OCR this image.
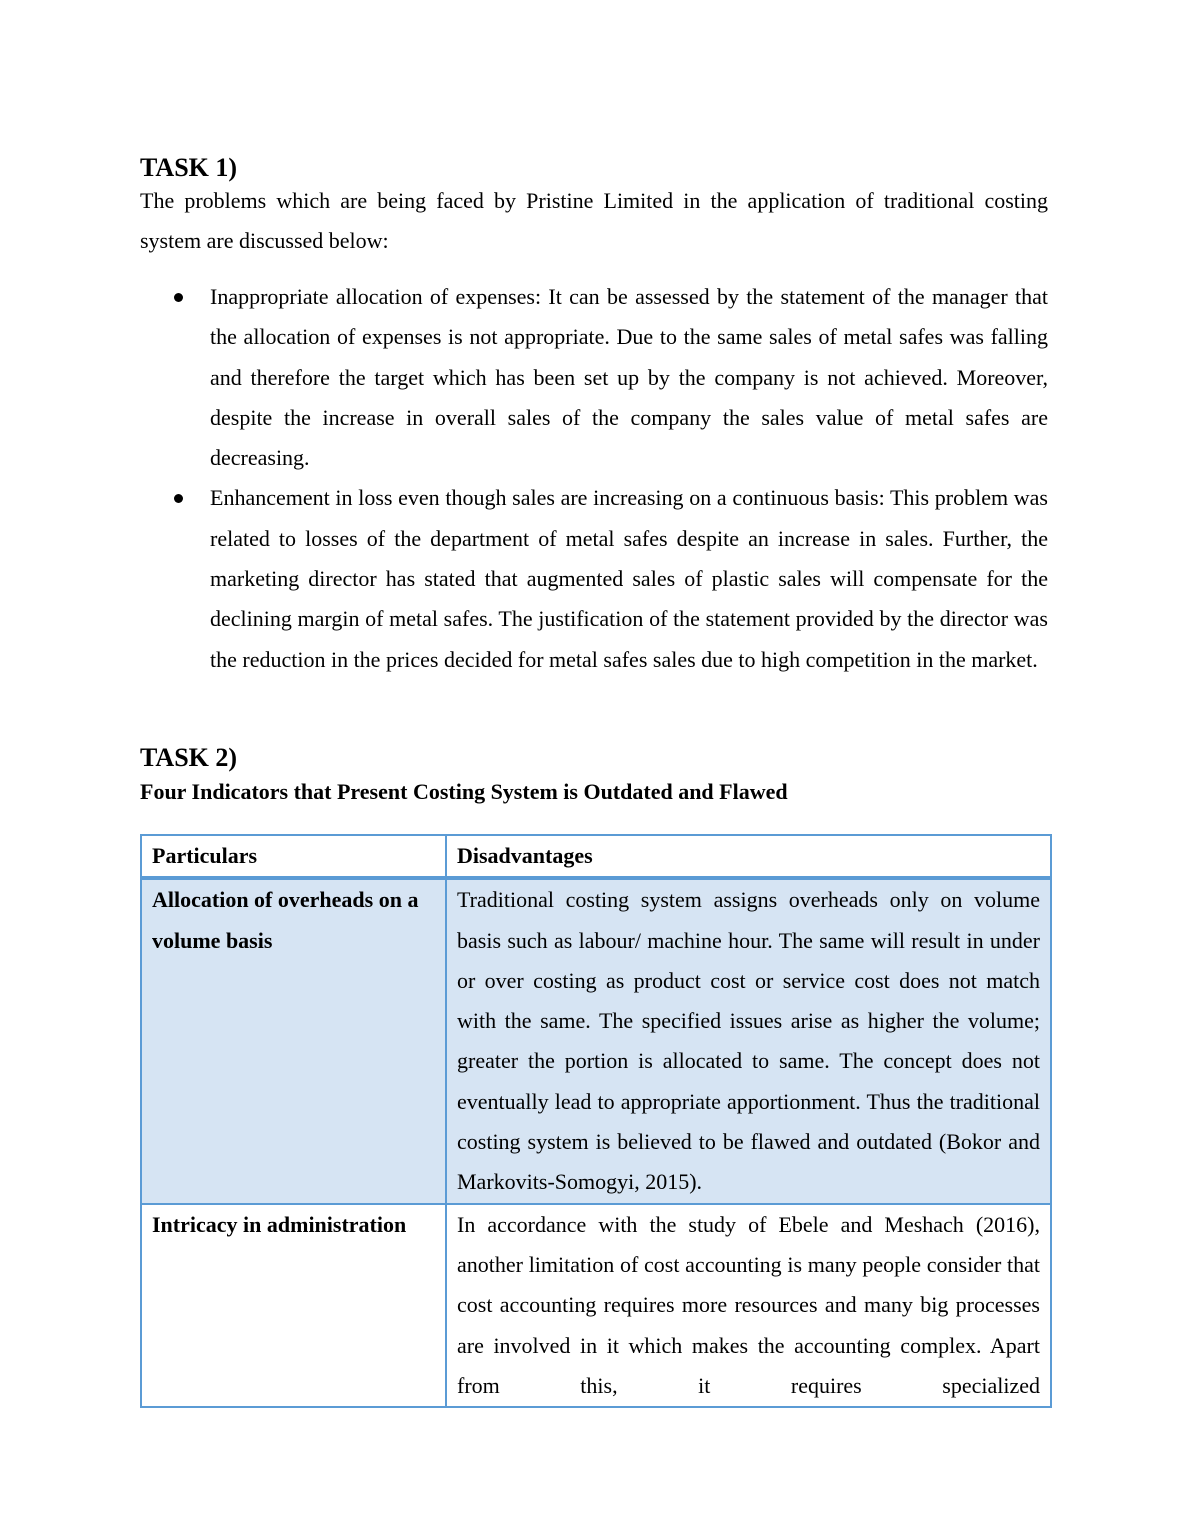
TASK 1)

The problems which are being faced by Pristine Limited in the application of traditional costing system are discussed below:

Inappropriate allocation of expenses: It can be assessed by the statement of the manager that the allocation of expenses is not appropriate. Due to the same sales of metal safes was falling and therefore the target which has been set up by the company is not achieved. Moreover, despite the increase in overall sales of the company the sales value of metal safes are decreasing.
Enhancement in loss even though sales are increasing on a continuous basis: This problem was related to losses of the department of metal safes despite an increase in sales. Further, the marketing director has stated that augmented sales of plastic sales will compensate for the declining margin of metal safes. The justification of the statement provided by the director was the reduction in the prices decided for metal safes sales due to high competition in the market.
TASK 2)
Four Indicators that Present Costing System is Outdated and Flawed
Particulars	Disadvantages
Allocation of overheads on a volume basis	Traditional costing system assigns overheads only on volume basis such as labour/ machine hour. The same will result in under or over costing as product cost or service cost does not match with the same. The specified issues arise as higher the volume; greater the portion is allocated to same. The concept does not eventually lead to appropriate apportionment. Thus the traditional costing system is believed to be flawed and outdated (Bokor and Markovits-Somogyi, 2015).
Intricacy in administration	In accordance with the study of Ebele and Meshach (2016), another limitation of cost accounting is many people consider that cost accounting requires more resources and many big processes are involved in it which makes the accounting complex. Apart from this, it requires specialized
